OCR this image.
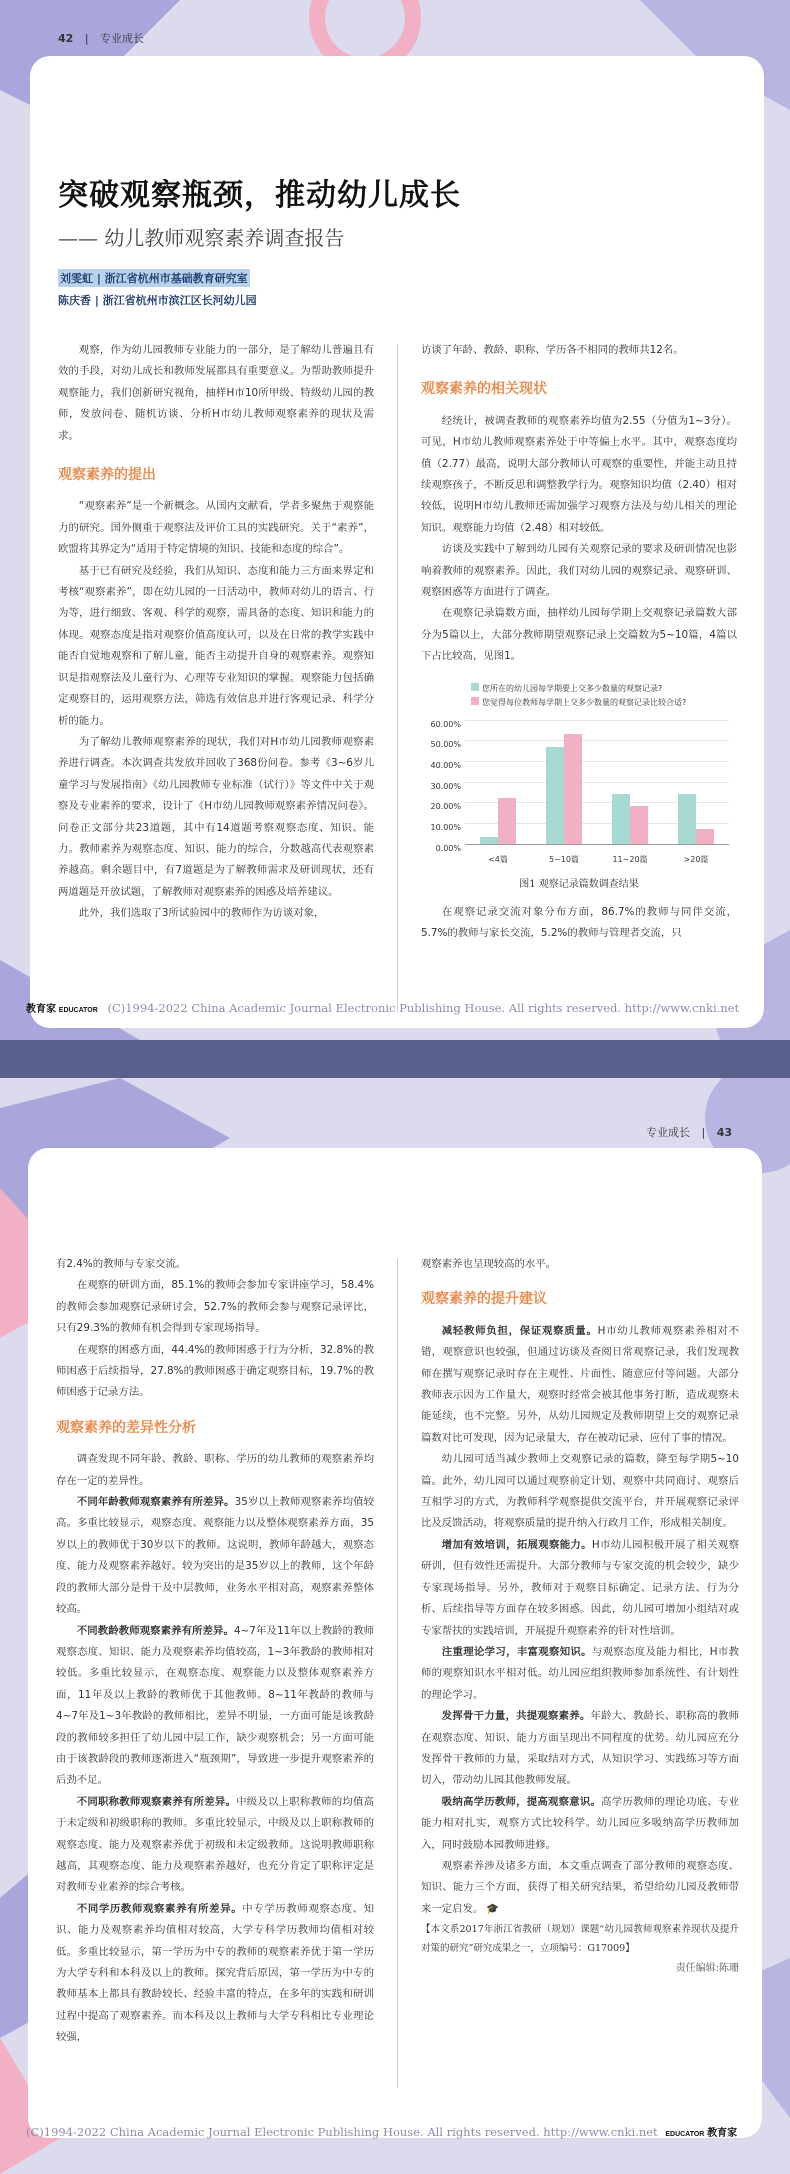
42 | 专业成长
突破观察瓶颈，推动幼儿成长
—— 幼儿教师观察素养调查报告
刘雯虹 | 浙江省杭州市基础教育研究室
陈庆香 | 浙江省杭州市滨江区长河幼儿园

观察，作为幼儿园教师专业能力的一部分，是了解幼儿普遍且有效的手段，对幼儿成长和教师发展都具有重要意义。为帮助教师提升观察能力，我们创新研究视角，抽样H市10所甲级、特级幼儿园的教师，发放问卷、随机访谈、分析H市幼儿教师观察素养的现状及需求。

观察素养的提出

“观察素养”是一个新概念。从国内文献看，学者多聚焦于观察能力的研究。国外侧重于观察法及评价工具的实践研究。关于“素养”，欧盟将其界定为“适用于特定情境的知识、技能和态度的综合”。

基于已有研究及经验，我们从知识、态度和能力三方面来界定和考核“观察素养”，即在幼儿园的一日活动中，教师对幼儿的语言、行为等，进行细致、客观、科学的观察，需具备的态度、知识和能力的体现。观察态度是指对观察价值高度认可，以及在日常的教学实践中能否自觉地观察和了解儿童，能否主动提升自身的观察素养。观察知识是指观察法及儿童行为、心理等专业知识的掌握。观察能力包括确定观察目的，运用观察方法，筛选有效信息并进行客观记录、科学分析的能力。

为了解幼儿教师观察素养的现状，我们对H市幼儿园教师观察素养进行调查。本次调查共发放并回收了368份问卷。参考《3~6岁儿童学习与发展指南》《幼儿园教师专业标准（试行）》等文件中关于观察及专业素养的要求，设计了《H市幼儿园教师观察素养情况问卷》。问卷正文部分共23道题，其中有14道题考察观察态度、知识、能力。教师素养为观察态度、知识、能力的综合，分数越高代表观察素养越高。剩余题目中，有7道题是为了解教师需求及研训现状，还有两道题是开放试题，了解教师对观察素养的困惑及培养建议。

此外，我们选取了3所试验园中的教师作为访谈对象，

访谈了年龄、教龄、职称、学历各不相同的教师共12名。

观察素养的相关现状

经统计，被调查教师的观察素养均值为2.55（分值为1~3分）。可见，H市幼儿教师观察素养处于中等偏上水平。其中，观察态度均值（2.77）最高，说明大部分教师认可观察的重要性，并能主动且持续观察孩子，不断反思和调整教学行为。观察知识均值（2.40）相对较低，说明H市幼儿教师还需加强学习观察方法及与幼儿相关的理论知识。观察能力均值（2.48）相对较低。

访谈及实践中了解到幼儿园有关观察记录的要求及研训情况也影响着教师的观察素养。因此，我们对幼儿园的观察记录、观察研训、观察困惑等方面进行了调查。

在观察记录篇数方面，抽样幼儿园每学期上交观察记录篇数大部分为5篇以上，大部分教师期望观察记录上交篇数为5~10篇，4篇以下占比较高，见图1。

您所在的幼儿园每学期要上交多少数量的观察记录?
您觉得每位教师每学期上交多少数量的观察记录比较合适?
0.00%
10.00%
20.00%
30.00%
40.00%
50.00%
60.00%
<4篇	5~10篇	11~20篇	>20篇
图1 观察记录篇数调查结果

在观察记录交流对象分布方面，86.7%的教师与同伴交流，5.7%的教师与家长交流，5.2%的教师与管理者交流，只

教育家 EDUCATOR (C)1994-2022 China Academic Journal Electronic Publishing House. All rights reserved. http://www.cnki.net
专业成长 | 43

有2.4%的教师与专家交流。

在观察的研训方面，85.1%的教师会参加专家讲座学习，58.4%的教师会参加观察记录研讨会，52.7%的教师会参与观察记录评比，只有29.3%的教师有机会得到专家现场指导。

在观察的困惑方面，44.4%的教师困惑于行为分析，32.8%的教师困惑于后续指导，27.8%的教师困惑于确定观察目标，19.7%的教师困惑于记录方法。

观察素养的差异性分析

调查发现不同年龄、教龄、职称、学历的幼儿教师的观察素养均存在一定的差异性。

不同年龄教师观察素养有所差异。35岁以上教师观察素养均值较高。多重比较显示，观察态度、观察能力以及整体观察素养方面，35岁以上的教师优于30岁以下的教师。这说明，教师年龄越大，观察态度、能力及观察素养越好。较为突出的是35岁以上的教师，这个年龄段的教师大部分是骨干及中层教师，业务水平相对高，观察素养整体较高。

不同教龄教师观察素养有所差异。4~7年及11年以上教龄的教师观察态度、知识、能力及观察素养均值较高，1~3年教龄的教师相对较低。多重比较显示，在观察态度、观察能力以及整体观察素养方面，11年及以上教龄的教师优于其他教师。8~11年教龄的教师与4~7年及1~3年教龄的教师相比，差异不明显，一方面可能是该教龄段的教师较多担任了幼儿园中层工作，缺少观察机会；另一方面可能由于该教龄段的教师逐渐进入“瓶颈期”，导致进一步提升观察素养的后劲不足。

不同职称教师观察素养有所差异。中级及以上职称教师的均值高于未定级和初级职称的教师。多重比较显示，中级及以上职称教师的观察态度、能力及观察素养优于初级和未定级教师。这说明教师职称越高，其观察态度、能力及观察素养越好，也充分肯定了职称评定是对教师专业素养的综合考核。

不同学历教师观察素养有所差异。中专学历教师观察态度、知识、能力及观察素养均值相对较高，大学专科学历教师均值相对较低。多重比较显示，第一学历为中专的教师的观察素养优于第一学历为大学专科和本科及以上的教师。探究背后原因，第一学历为中专的教师基本上都具有教龄较长、经验丰富的特点，在多年的实践和研训过程中提高了观察素养。而本科及以上教师与大学专科相比专业理论较强，

观察素养也呈现较高的水平。

观察素养的提升建议

减轻教师负担，保证观察质量。H市幼儿教师观察素养相对不错，观察意识也较强，但通过访谈及查阅日常观察记录，我们发现教师在撰写观察记录时存在主观性、片面性、随意应付等问题。大部分教师表示因为工作量大，观察时经常会被其他事务打断，造成观察未能延续，也不完整。另外，从幼儿园规定及教师期望上交的观察记录篇数对比可发现，因为记录量大，存在被动记录、应付了事的情况。

幼儿园可适当减少教师上交观察记录的篇数，降至每学期5~10篇。此外，幼儿园可以通过观察前定计划、观察中共同商讨、观察后互相学习的方式，为教师科学观察提供交流平台，并开展观察记录评比及反馈活动，将观察质量的提升纳入行政月工作，形成相关制度。

增加有效培训，拓展观察能力。H市幼儿园积极开展了相关观察研训，但有效性还需提升。大部分教师与专家交流的机会较少，缺少专家现场指导。另外，教师对于观察目标确定、记录方法、行为分析、后续指导等方面存在较多困惑。因此，幼儿园可增加小组结对或专家帮扶的实践培训，开展提升观察素养的针对性培训。

注重理论学习，丰富观察知识。与观察态度及能力相比，H市教师的观察知识水平相对低。幼儿园应组织教师参加系统性、有计划性的理论学习。

发挥骨干力量，共提观察素养。年龄大、教龄长、职称高的教师在观察态度、知识、能力方面呈现出不同程度的优势。幼儿园应充分发挥骨干教师的力量，采取结对方式，从知识学习、实践练习等方面切入，带动幼儿园其他教师发展。

吸纳高学历教师，提高观察意识。高学历教师的理论功底、专业能力相对扎实，观察方式比较科学。幼儿园应多吸纳高学历教师加入，同时鼓励本园教师进修。

观察素养涉及诸多方面，本文重点调查了部分教师的观察态度、知识、能力三个方面，获得了相关研究结果，希望给幼儿园及教师带来一定启发。 🎓

【本文系2017年浙江省教研（规划）课题“幼儿园教师观察素养现状及提升对策的研究”研究成果之一，立项编号：G17009】

责任编辑:陈珊
(C)1994-2022 China Academic Journal Electronic Publishing House. All rights reserved. http://www.cnki.net EDUCATOR 教育家
